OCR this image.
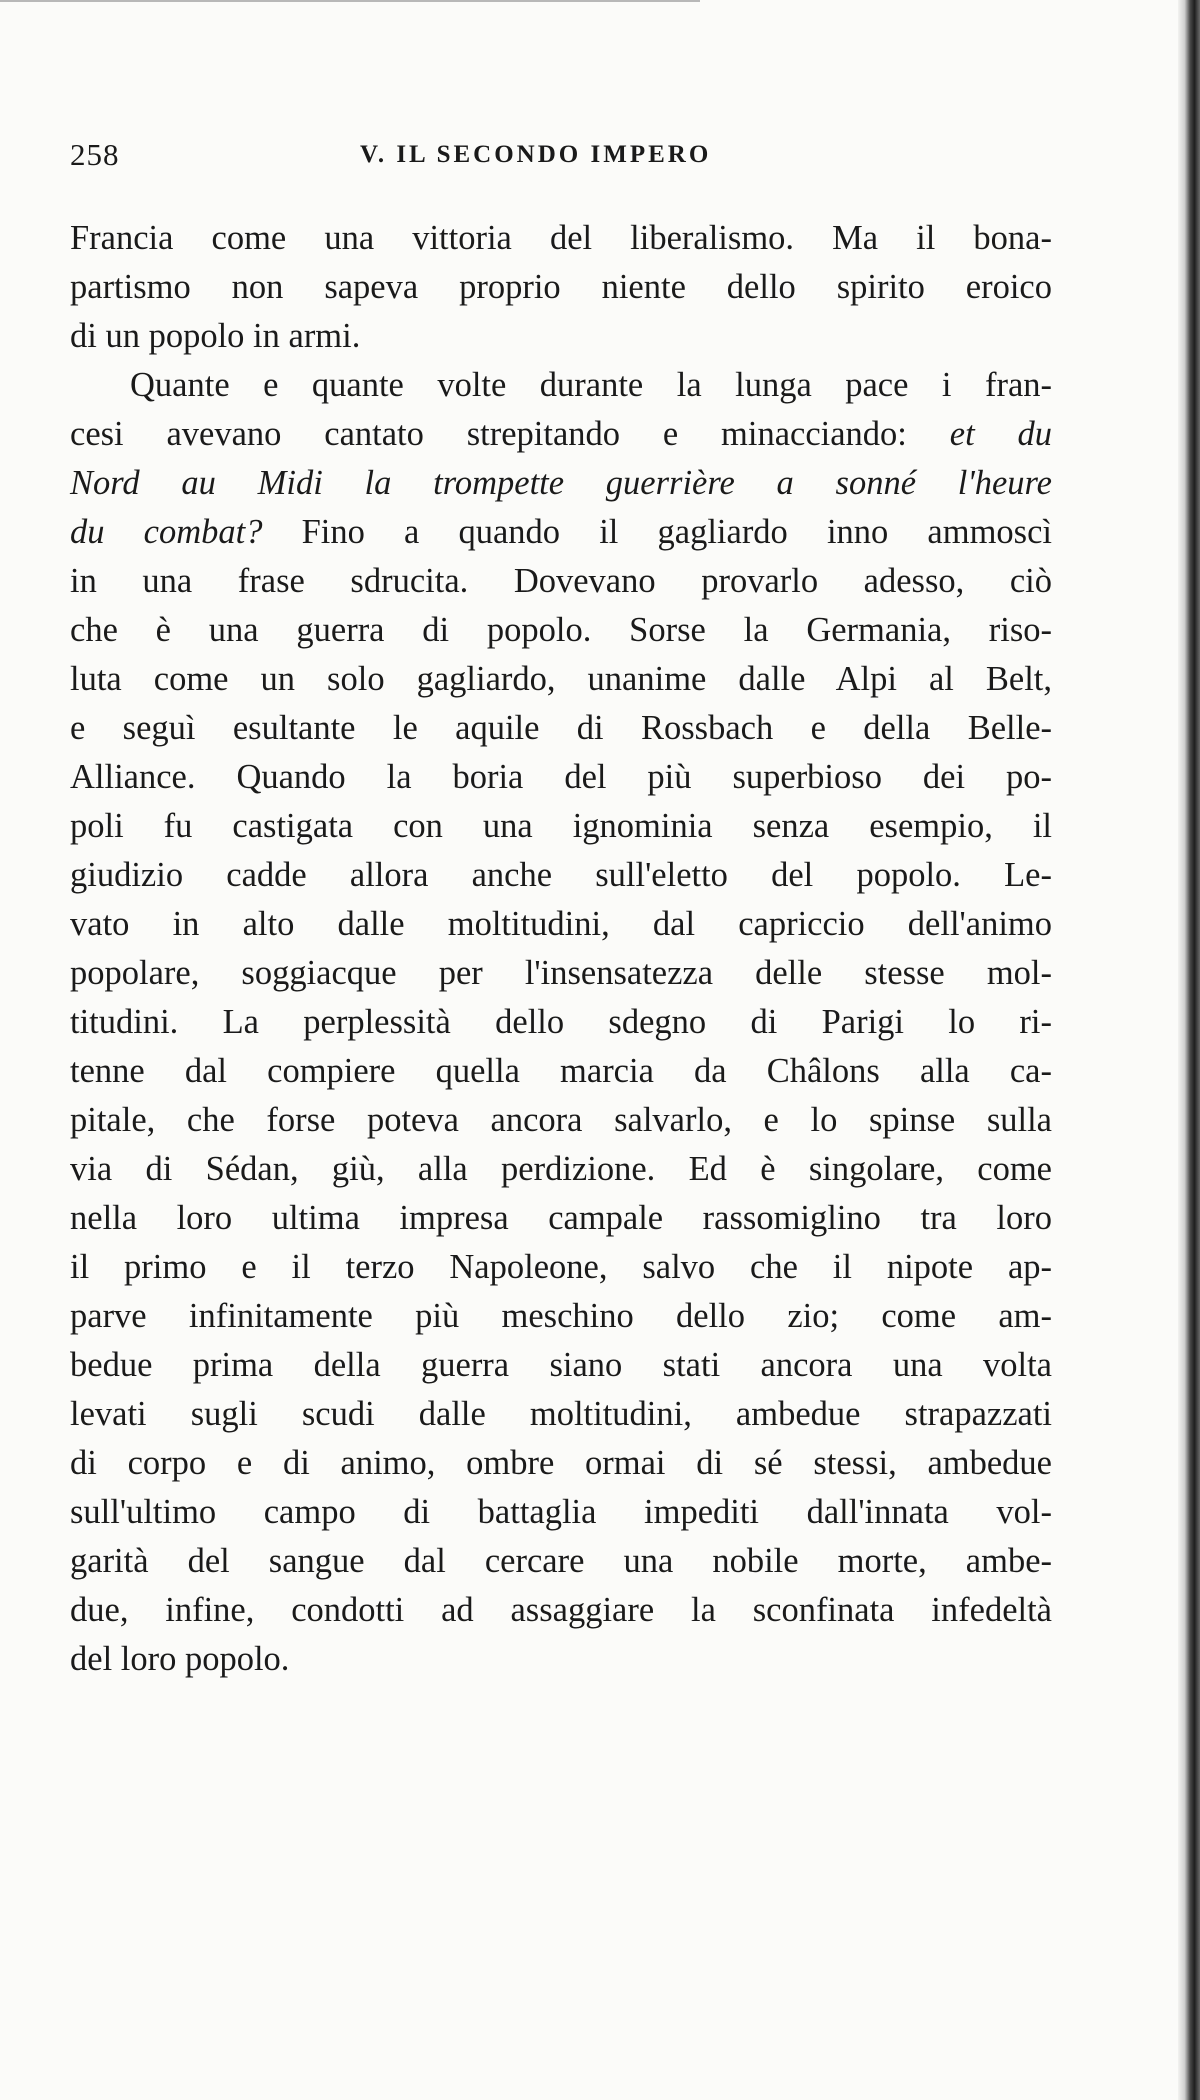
258	V. IL SECONDO IMPERO
Francia come una vittoria del liberalismo. Ma il bona-
partismo non sapeva proprio niente dello spirito eroico
di un popolo in armi.
Quante e quante volte durante la lunga pace i fran-
cesi avevano cantato strepitando e minacciando: et du
Nord au Midi la trompette guerrière a sonné l'heure
du combat? Fino a quando il gagliardo inno ammoscì
in una frase sdrucita. Dovevano provarlo adesso, ciò
che è una guerra di popolo. Sorse la Germania, riso-
luta come un solo gagliardo, unanime dalle Alpi al Belt,
e seguì esultante le aquile di Rossbach e della Belle-
Alliance. Quando la boria del più superbioso dei po-
poli fu castigata con una ignominia senza esempio, il
giudizio cadde allora anche sull'eletto del popolo. Le-
vato in alto dalle moltitudini, dal capriccio dell'animo
popolare, soggiacque per l'insensatezza delle stesse mol-
titudini. La perplessità dello sdegno di Parigi lo ri-
tenne dal compiere quella marcia da Châlons alla ca-
pitale, che forse poteva ancora salvarlo, e lo spinse sulla
via di Sédan, giù, alla perdizione. Ed è singolare, come
nella loro ultima impresa campale rassomiglino tra loro
il primo e il terzo Napoleone, salvo che il nipote ap-
parve infinitamente più meschino dello zio; come am-
bedue prima della guerra siano stati ancora una volta
levati sugli scudi dalle moltitudini, ambedue strapazzati
di corpo e di animo, ombre ormai di sé stessi, ambedue
sull'ultimo campo di battaglia impediti dall'innata vol-
garità del sangue dal cercare una nobile morte, ambe-
due, infine, condotti ad assaggiare la sconfinata infedeltà
del loro popolo.
